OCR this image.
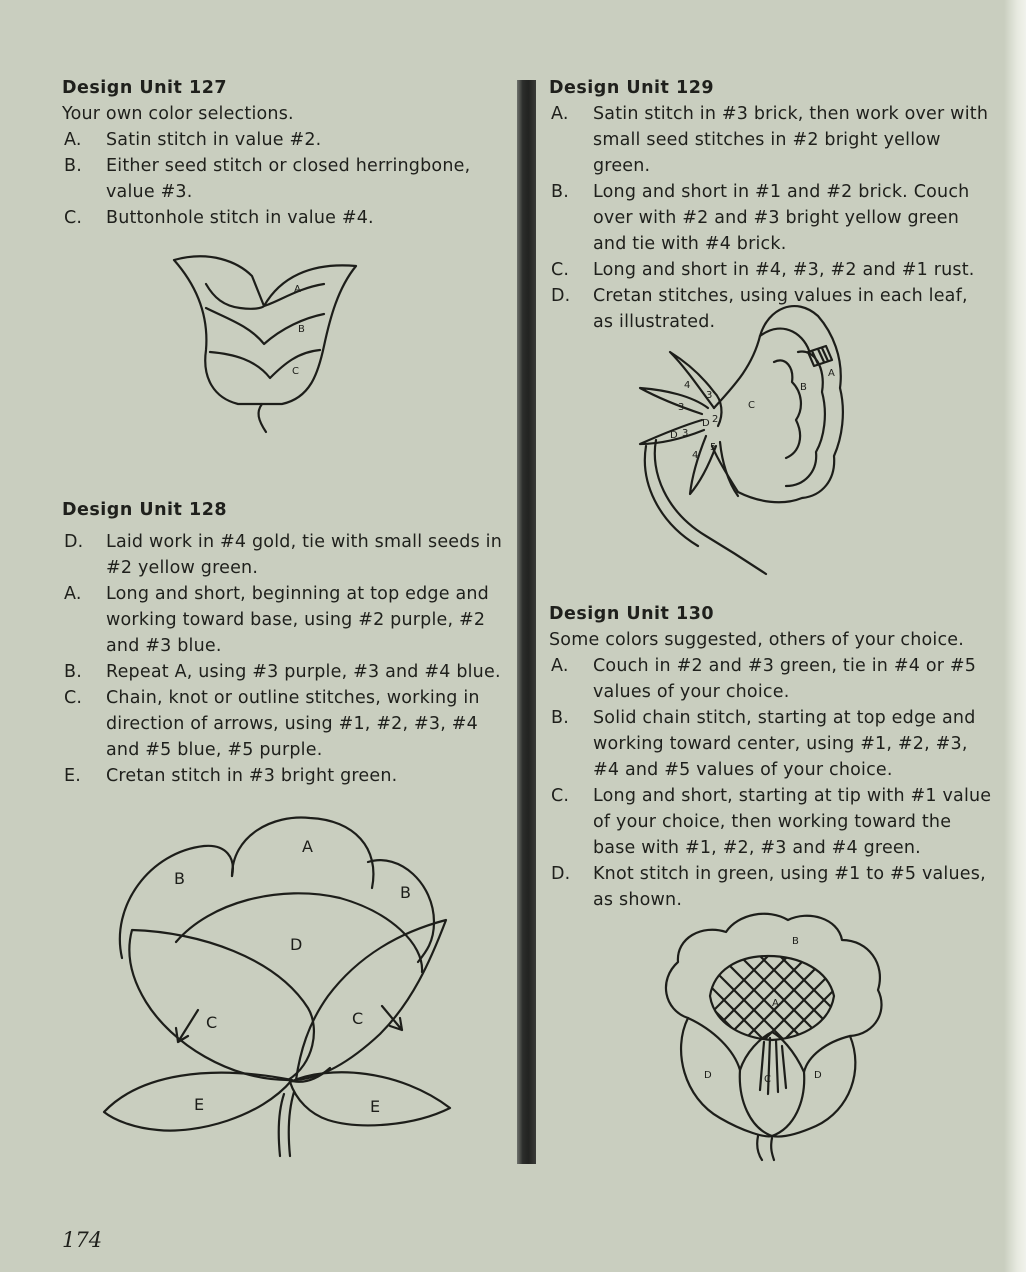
Design Unit 127
Your own color selections.
A. Satin stitch in value #2.
B. Either seed stitch or closed herringbone, value #3.
C. Buttonhole stitch in value #4.
A
B
C
Design Unit 128
D. Laid work in #4 gold, tie with small seeds in #2 yellow green.
A. Long and short, beginning at top edge and working toward base, using #2 purple, #2 and #3 blue.
B. Repeat A, using #3 purple, #3 and #4 blue.
C. Chain, knot or outline stitches, working in direction of arrows, using #1, #2, #3, #4 and #5 blue, #5 purple.
E. Cretan stitch in #3 bright green.
A
B
B
D
C	C
E	E
Design Unit 129
A. Satin stitch in #3 brick, then work over with small seed stitches in #2 bright yellow green.
B. Long and short in #1 and #2 brick. Couch over with #2 and #3 bright yellow green and tie with #4 brick.
C. Long and short in #4, #3, #2 and #1 rust.
D. Cretan stitches, using values in each leaf, as illustrated.
A
B
C
4
3
3
D 2
D 3
4
5
Design Unit 130
Some colors suggested, others of your choice.
A. Couch in #2 and #3 green, tie in #4 or #5 values of your choice.
B. Solid chain stitch, starting at top edge and working toward center, using #1, #2, #3, #4 and #5 values of your choice.
C. Long and short, starting at tip with #1 value of your choice, then working toward the base with #1, #2, #3 and #4 green.
D. Knot stitch in green, using #1 to #5 values, as shown.
B
A
C
D	D
174
